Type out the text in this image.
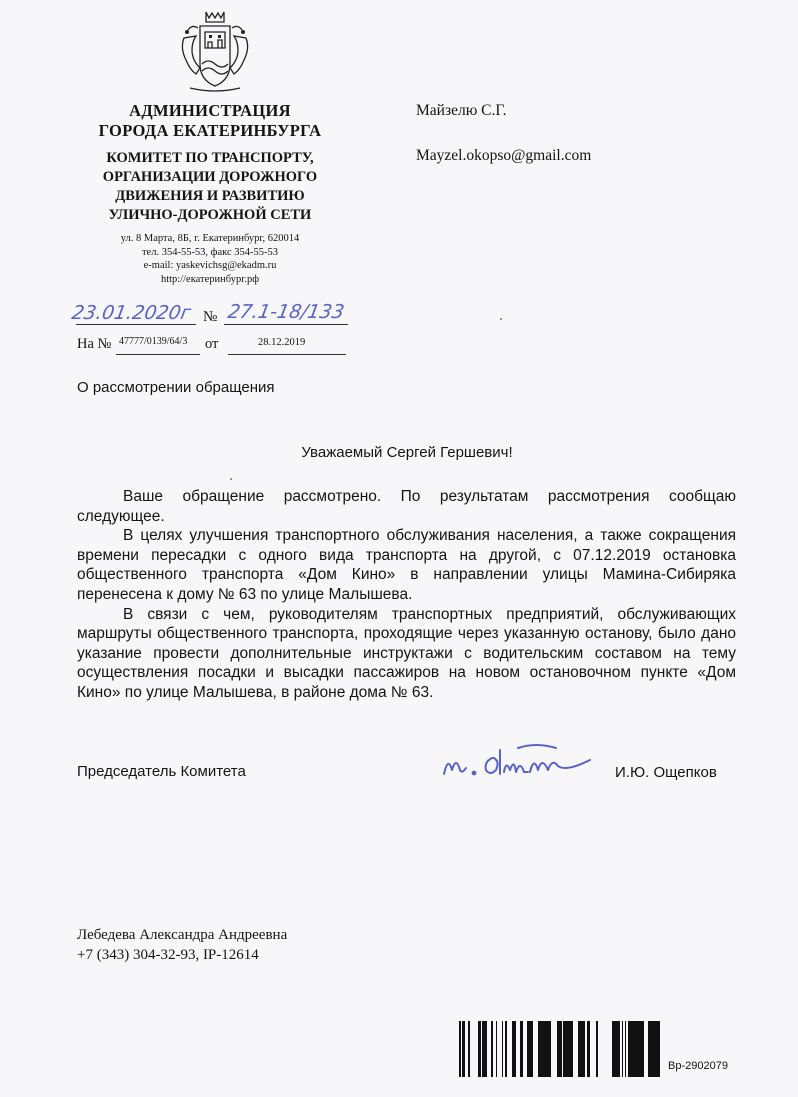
АДМИНИСТРАЦИЯ
ГОРОДА ЕКАТЕРИНБУРГА
КОМИТЕТ ПО ТРАНСПОРТУ,
ОРГАНИЗАЦИИ ДОРОЖНОГО
ДВИЖЕНИЯ И РАЗВИТИЮ
УЛИЧНО-ДОРОЖНОЙ СЕТИ
ул. 8 Марта, 8Б, г. Екатеринбург, 620014
тел. 354-55-53, факс 354-55-53
e-mail: yaskevichsg@ekadm.ru
http://екатеринбург.рф
Майзелю С.Г.
Mayzel.okopso@gmail.com
23.01.2020г № 27.1-18/133
На № 47777/0139/64/3 от	28.12.2019
О рассмотрении обращения
Уважаемый Сергей Гершевич!

Ваше обращение рассмотрено. По результатам рассмотрения сообщаю следующее.

В целях улучшения транспортного обслуживания населения, а также сокращения времени пересадки с одного вида транспорта на другой, с 07.12.2019 остановка общественного транспорта «Дом Кино» в направлении улицы Мамина-Сибиряка перенесена к дому № 63 по улице Малышева.

В связи с чем, руководителям транспортных предприятий, обслуживающих маршруты общественного транспорта, проходящие через указанную останову, было дано указание провести дополнительные инструктажи с водительским составом на тему осуществления посадки и высадки пассажиров на новом остановочном пункте «Дом Кино» по улице Малышева, в районе дома № 63.

Председатель Комитета	И.Ю. Ощепков
Лебедева Александра Андреевна
+7 (343) 304-32-93, IP-12614
Вр-2902079
